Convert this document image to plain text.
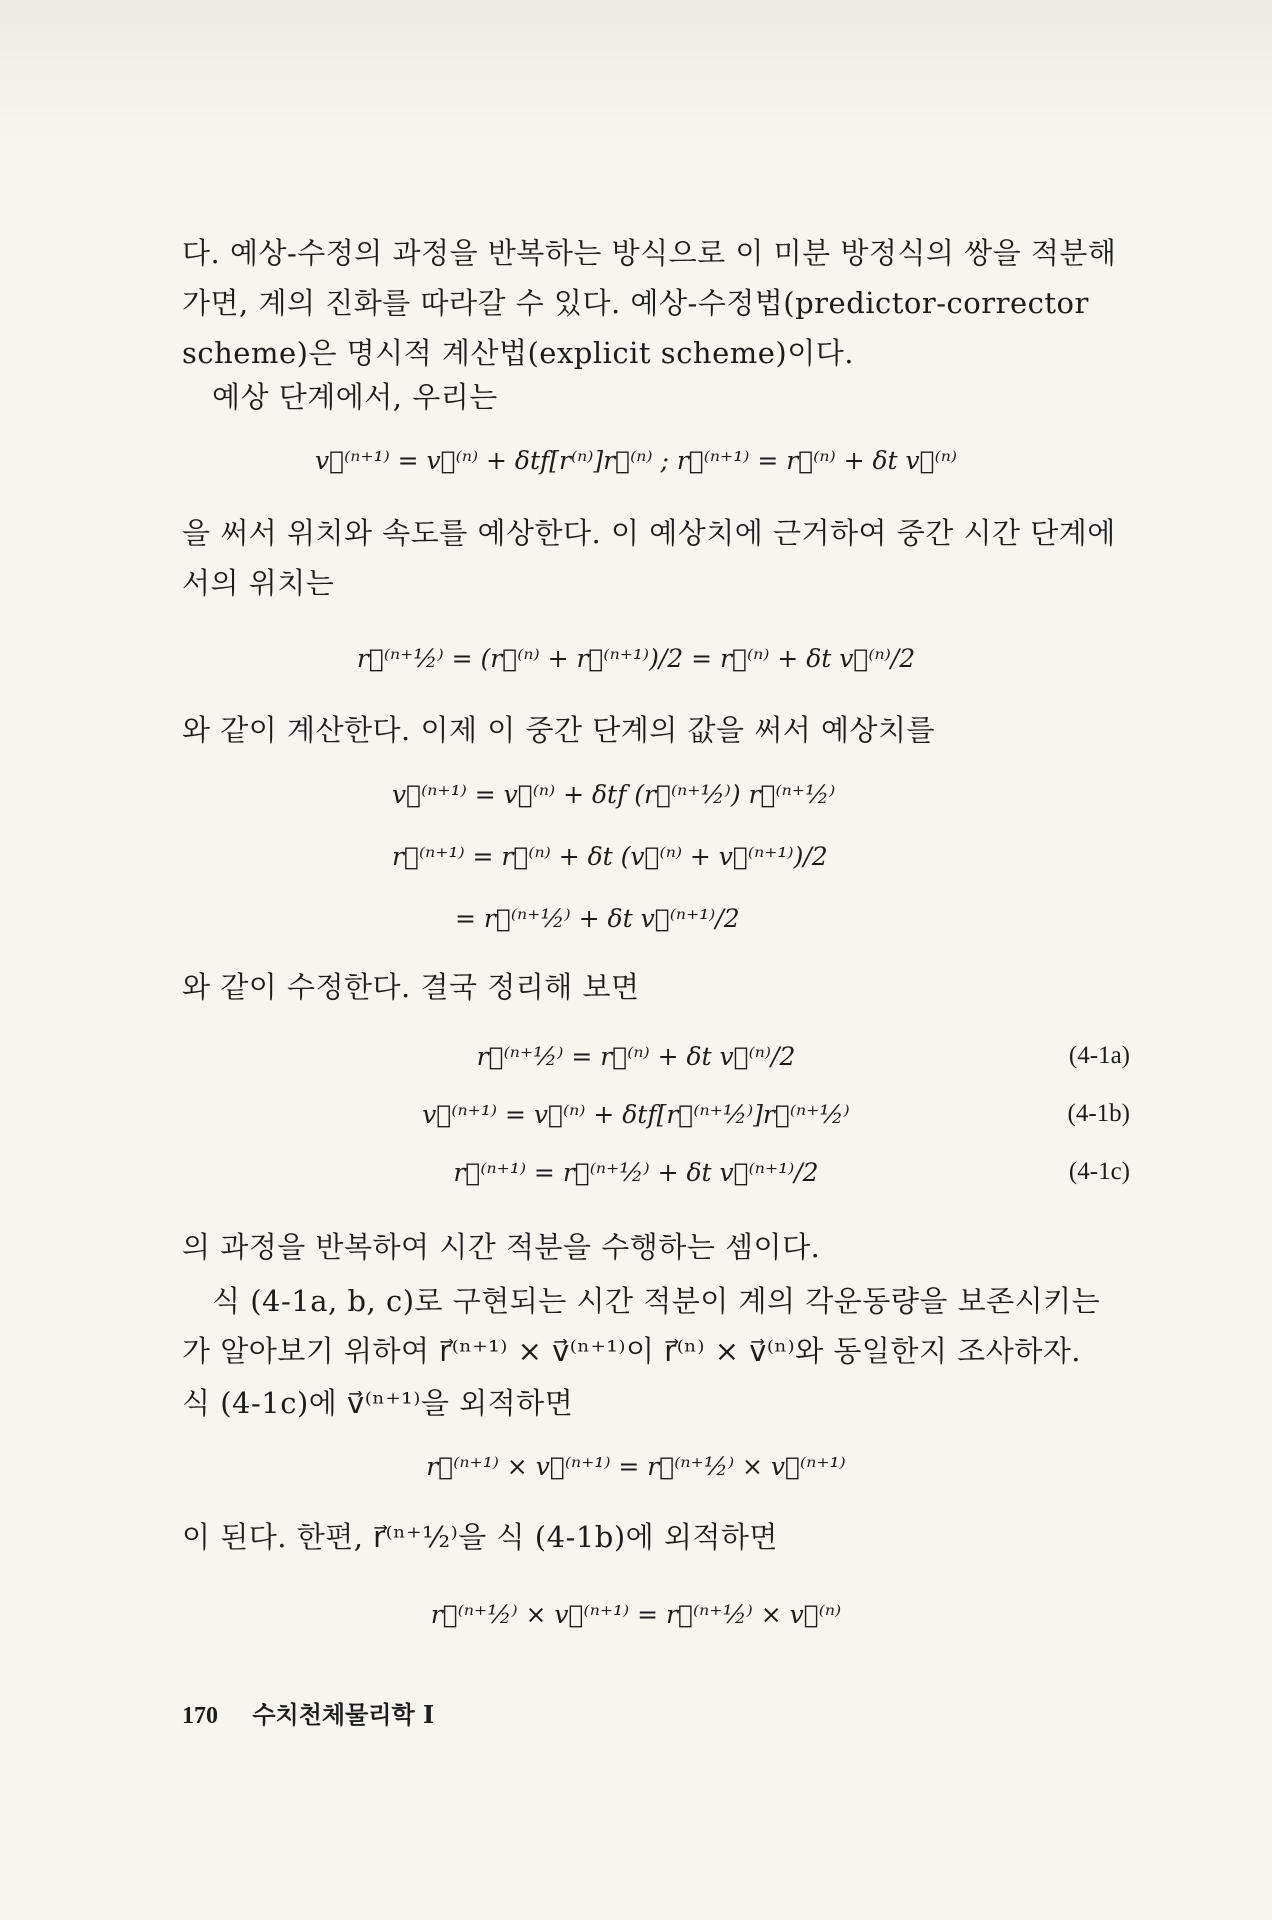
다. 예상-수정의 과정을 반복하는 방식으로 이 미분 방정식의 쌍을 적분해 가면, 계의 진화를 따라갈 수 있다. 예상-수정법(predictor-corrector scheme)은 명시적 계산법(explicit scheme)이다.
예상 단계에서, 우리는
v⃗⁽ⁿ⁺¹⁾ = v⃗⁽ⁿ⁾ + δtf[r⁽ⁿ⁾]r⃗⁽ⁿ⁾ ; r⃗⁽ⁿ⁺¹⁾ = r⃗⁽ⁿ⁾ + δt v⃗⁽ⁿ⁾
을 써서 위치와 속도를 예상한다. 이 예상치에 근거하여 중간 시간 단계에서의 위치는
r⃗⁽ⁿ⁺½⁾ = (r⃗⁽ⁿ⁾ + r⃗⁽ⁿ⁺¹⁾)/2 = r⃗⁽ⁿ⁾ + δt v⃗⁽ⁿ⁾/2
와 같이 계산한다. 이제 이 중간 단계의 값을 써서 예상치를
v⃗⁽ⁿ⁺¹⁾ = v⃗⁽ⁿ⁾ + δtf (r⃗⁽ⁿ⁺½⁾) r⃗⁽ⁿ⁺½⁾
r⃗⁽ⁿ⁺¹⁾ = r⃗⁽ⁿ⁾ + δt (v⃗⁽ⁿ⁾ + v⃗⁽ⁿ⁺¹⁾)/2
= r⃗⁽ⁿ⁺½⁾ + δt v⃗⁽ⁿ⁺¹⁾/2
와 같이 수정한다. 결국 정리해 보면
r⃗⁽ⁿ⁺½⁾ = r⃗⁽ⁿ⁾ + δt v⃗⁽ⁿ⁾/2	(4-1a)
v⃗⁽ⁿ⁺¹⁾ = v⃗⁽ⁿ⁾ + δtf[r⃗⁽ⁿ⁺½⁾]r⃗⁽ⁿ⁺½⁾	(4-1b)
r⃗⁽ⁿ⁺¹⁾ = r⃗⁽ⁿ⁺½⁾ + δt v⃗⁽ⁿ⁺¹⁾/2	(4-1c)
의 과정을 반복하여 시간 적분을 수행하는 셈이다.
식 (4-1a, b, c)로 구현되는 시간 적분이 계의 각운동량을 보존시키는가 알아보기 위하여 r⃗⁽ⁿ⁺¹⁾ × v⃗⁽ⁿ⁺¹⁾이 r⃗⁽ⁿ⁾ × v⃗⁽ⁿ⁾와 동일한지 조사하자.
식 (4-1c)에 v⃗⁽ⁿ⁺¹⁾을 외적하면
r⃗⁽ⁿ⁺¹⁾ × v⃗⁽ⁿ⁺¹⁾ = r⃗⁽ⁿ⁺½⁾ × v⃗⁽ⁿ⁺¹⁾
이 된다. 한편, r⃗⁽ⁿ⁺½⁾을 식 (4-1b)에 외적하면
r⃗⁽ⁿ⁺½⁾ × v⃗⁽ⁿ⁺¹⁾ = r⃗⁽ⁿ⁺½⁾ × v⃗⁽ⁿ⁾
170 수치천체물리학 I
